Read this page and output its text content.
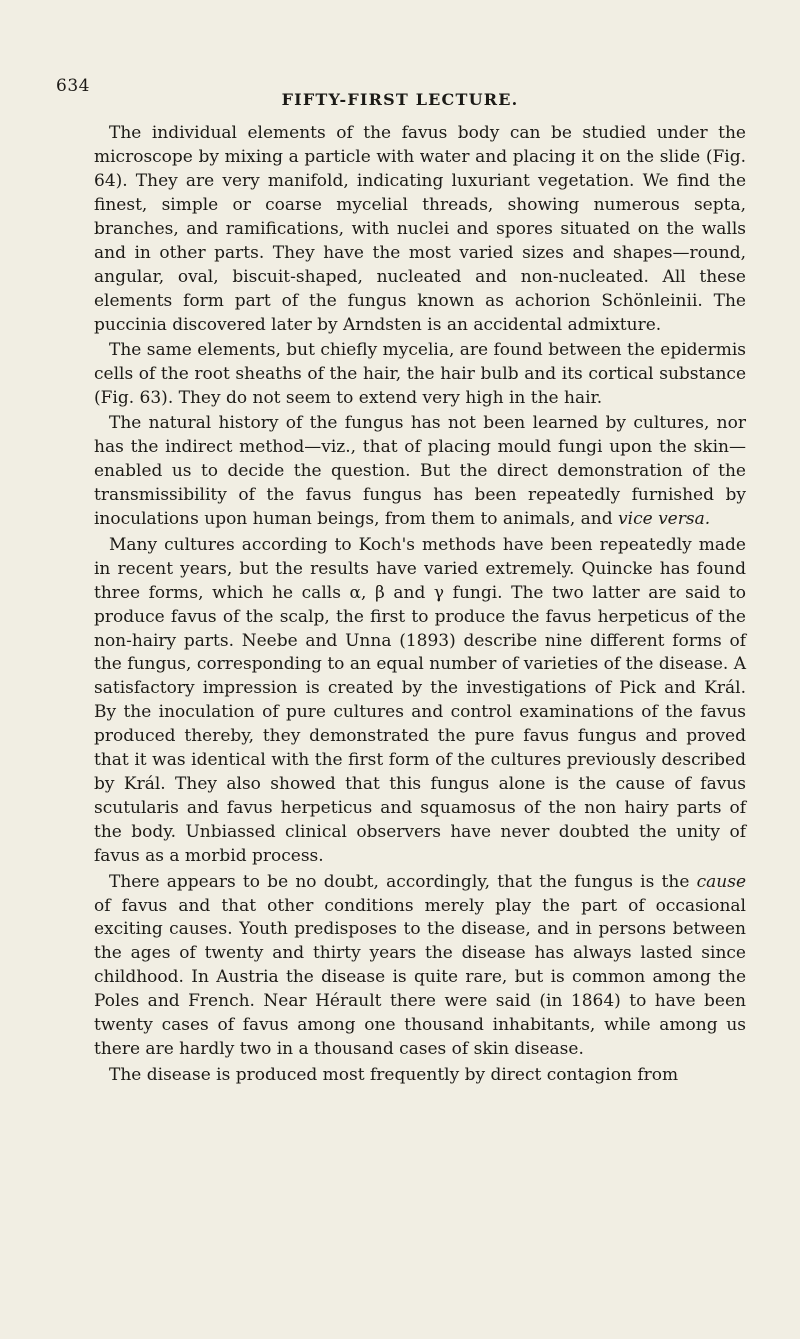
634
FIFTY-FIRST LECTURE.

The individual elements of the favus body can be studied under the microscope by mixing a particle with water and placing it on the slide (Fig. 64). They are very manifold, indicating luxuriant vegetation. We find the finest, simple or coarse mycelial threads, showing numerous septa, branches, and ramifications, with nuclei and spores situated on the walls and in other parts. They have the most varied sizes and shapes—round, angular, oval, biscuit-shaped, nucleated and non-nucleated. All these elements form part of the fungus known as achorion Schönleinii. The puccinia discovered later by Arndsten is an accidental admixture.

The same elements, but chiefly mycelia, are found between the epidermis cells of the root sheaths of the hair, the hair bulb and its cortical substance (Fig. 63). They do not seem to extend very high in the hair.

The natural history of the fungus has not been learned by cultures, nor has the indirect method—viz., that of placing mould fungi upon the skin—enabled us to decide the question. But the direct demonstration of the transmissibility of the favus fungus has been repeatedly furnished by inoculations upon human beings, from them to animals, and vice versa.

Many cultures according to Koch's methods have been repeatedly made in recent years, but the results have varied extremely. Quincke has found three forms, which he calls α, β and γ fungi. The two latter are said to produce favus of the scalp, the first to produce the favus herpeticus of the non-hairy parts. Neebe and Unna (1893) describe nine different forms of the fungus, corresponding to an equal number of varieties of the disease. A satisfactory impression is created by the investigations of Pick and Král. By the inoculation of pure cultures and control examinations of the favus produced thereby, they demonstrated the pure favus fungus and proved that it was identical with the first form of the cultures previously described by Král. They also showed that this fungus alone is the cause of favus scutularis and favus herpeticus and squamosus of the non hairy parts of the body. Unbiassed clinical observers have never doubted the unity of favus as a morbid process.

There appears to be no doubt, accordingly, that the fungus is the cause of favus and that other conditions merely play the part of occasional exciting causes. Youth predisposes to the disease, and in persons between the ages of twenty and thirty years the disease has always lasted since childhood. In Austria the disease is quite rare, but is common among the Poles and French. Near Hérault there were said (in 1864) to have been twenty cases of favus among one thousand inhabitants, while among us there are hardly two in a thousand cases of skin disease.

The disease is produced most frequently by direct contagion from
